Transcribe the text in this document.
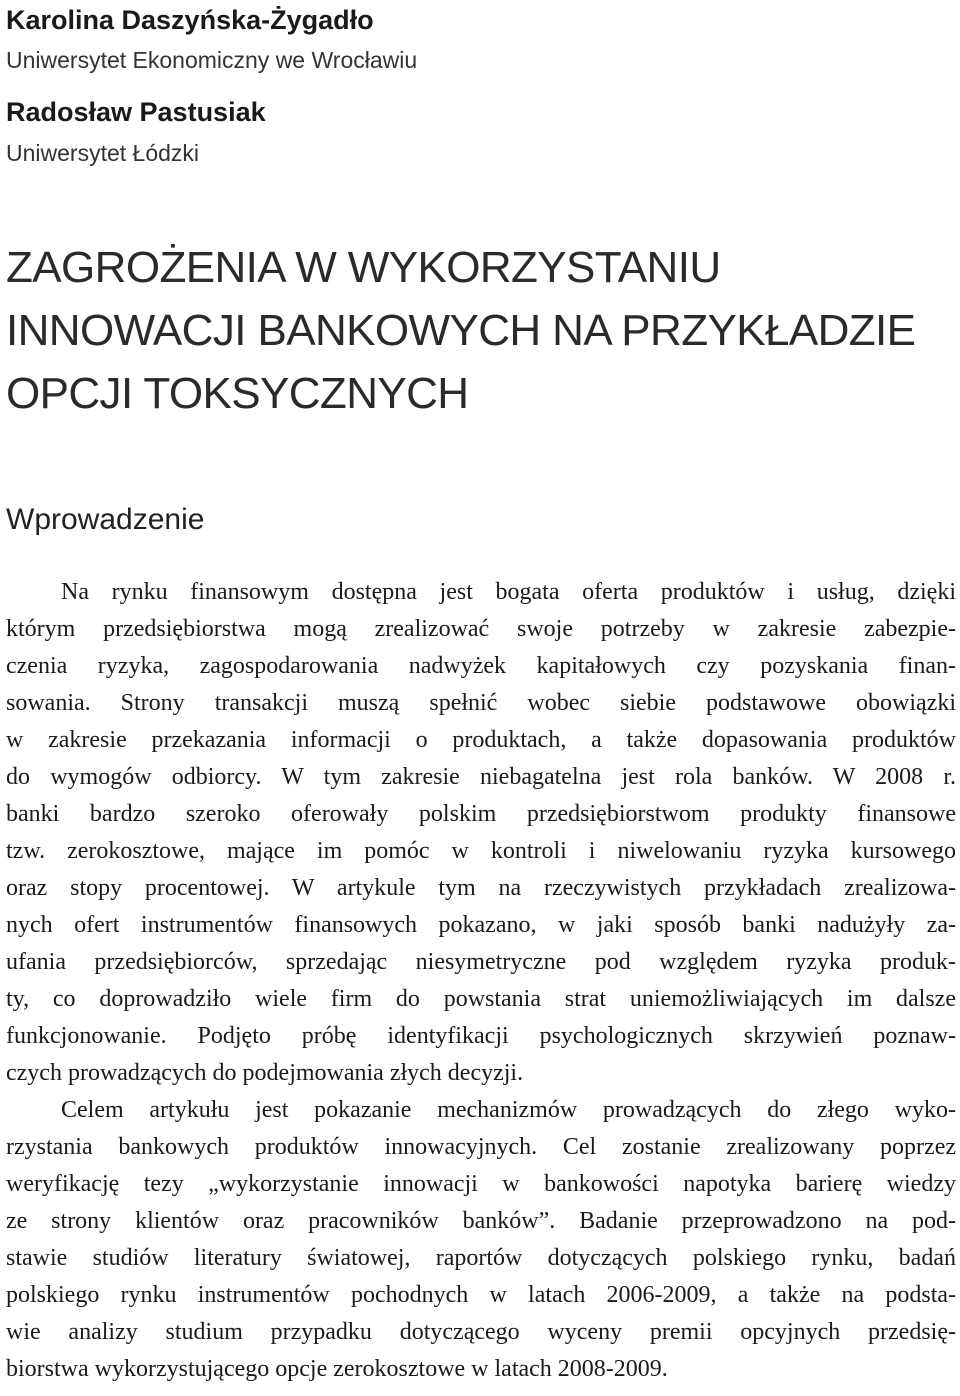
Karolina Daszyńska-Żygadło
Uniwersytet Ekonomiczny we Wrocławiu
Radosław Pastusiak
Uniwersytet Łódzki
ZAGROŻENIA W WYKORZYSTANIU
INNOWACJI BANKOWYCH NA PRZYKŁADZIE
OPCJI TOKSYCZNYCH
Wprowadzenie
Na rynku finansowym dostępna jest bogata oferta produktów i usług, dzięki
którym przedsiębiorstwa mogą zrealizować swoje potrzeby w zakresie zabezpie-
czenia ryzyka, zagospodarowania nadwyżek kapitałowych czy pozyskania finan-
sowania. Strony transakcji muszą spełnić wobec siebie podstawowe obowiązki
w zakresie przekazania informacji o produktach, a także dopasowania produktów
do wymogów odbiorcy. W tym zakresie niebagatelna jest rola banków. W 2008 r.
banki bardzo szeroko oferowały polskim przedsiębiorstwom produkty finansowe
tzw. zerokosztowe, mające im pomóc w kontroli i niwelowaniu ryzyka kursowego
oraz stopy procentowej. W artykule tym na rzeczywistych przykładach zrealizowa-
nych ofert instrumentów finansowych pokazano, w jaki sposób banki nadużyły za-
ufania przedsiębiorców, sprzedając niesymetryczne pod względem ryzyka produk-
ty, co doprowadziło wiele firm do powstania strat uniemożliwiających im dalsze
funkcjonowanie. Podjęto próbę identyfikacji psychologicznych skrzywień poznaw-
czych prowadzących do podejmowania złych decyzji.
Celem artykułu jest pokazanie mechanizmów prowadzących do złego wyko-
rzystania bankowych produktów innowacyjnych. Cel zostanie zrealizowany poprzez
weryfikację tezy „wykorzystanie innowacji w bankowości napotyka barierę wiedzy
ze strony klientów oraz pracowników banków”. Badanie przeprowadzono na pod-
stawie studiów literatury światowej, raportów dotyczących polskiego rynku, badań
polskiego rynku instrumentów pochodnych w latach 2006-2009, a także na podsta-
wie analizy studium przypadku dotyczącego wyceny premii opcyjnych przedsię-
biorstwa wykorzystującego opcje zerokosztowe w latach 2008-2009.
